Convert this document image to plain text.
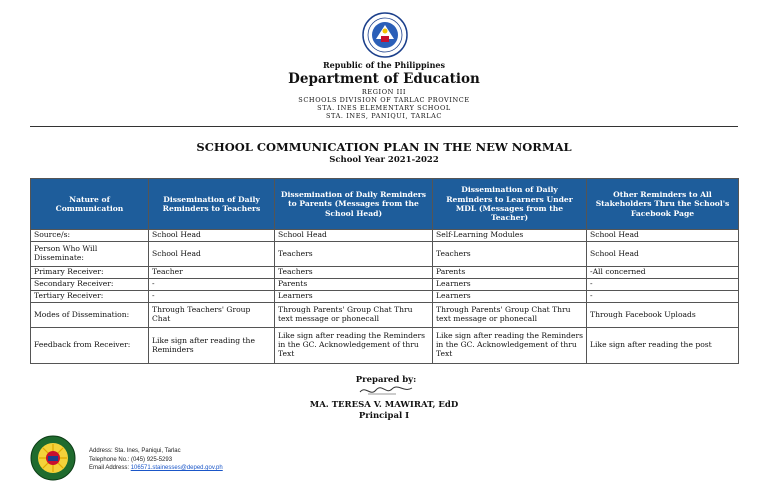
Republic of the Philippines
Department of Education
REGION III
SCHOOLS DIVISION OF TARLAC PROVINCE
STA. INES ELEMENTARY SCHOOL
STA. INES, PANIQUI, TARLAC
SCHOOL COMMUNICATION PLAN IN THE NEW NORMAL
School Year 2021-2022
Nature of Communication	Dissemination of Daily Reminders to Teachers	Dissemination of Daily Reminders to Parents (Messages from the School Head)	Dissemination of Daily Reminders to Learners Under MDL (Messages from the Teacher)	Other Reminders to All Stakeholders Thru the School's Facebook Page
Source/s:	School Head	School Head	Self-Learning Modules	School Head
Person Who Will Disseminate:	School Head	Teachers	Teachers	School Head
Primary Receiver:	Teacher	Teachers	Parents	-All concerned
Secondary Receiver:	-	Parents	Learners	-
Tertiary Receiver:	-	Learners	Learners	-
Modes of Dissemination:	Through Teachers' Group Chat	Through Parents' Group Chat Thru text message or phonecall	Through Parents' Group Chat Thru text message or phonecall	Through Facebook Uploads
Feedback from Receiver:	Like sign after reading the Reminders	Like sign after reading the Reminders in the GC. Acknowledgement of thru Text	Like sign after reading the Reminders in the GC. Acknowledgement of thru Text	Like sign after reading the post
Prepared by:
MA. TERESA V. MAWIRAT, EdD
Principal I
Address: Sta. Ines, Paniqui, Tarlac
Telephone No.: (045) 925-5293
Email Address: 106571.stainesses@deped.gov.ph
